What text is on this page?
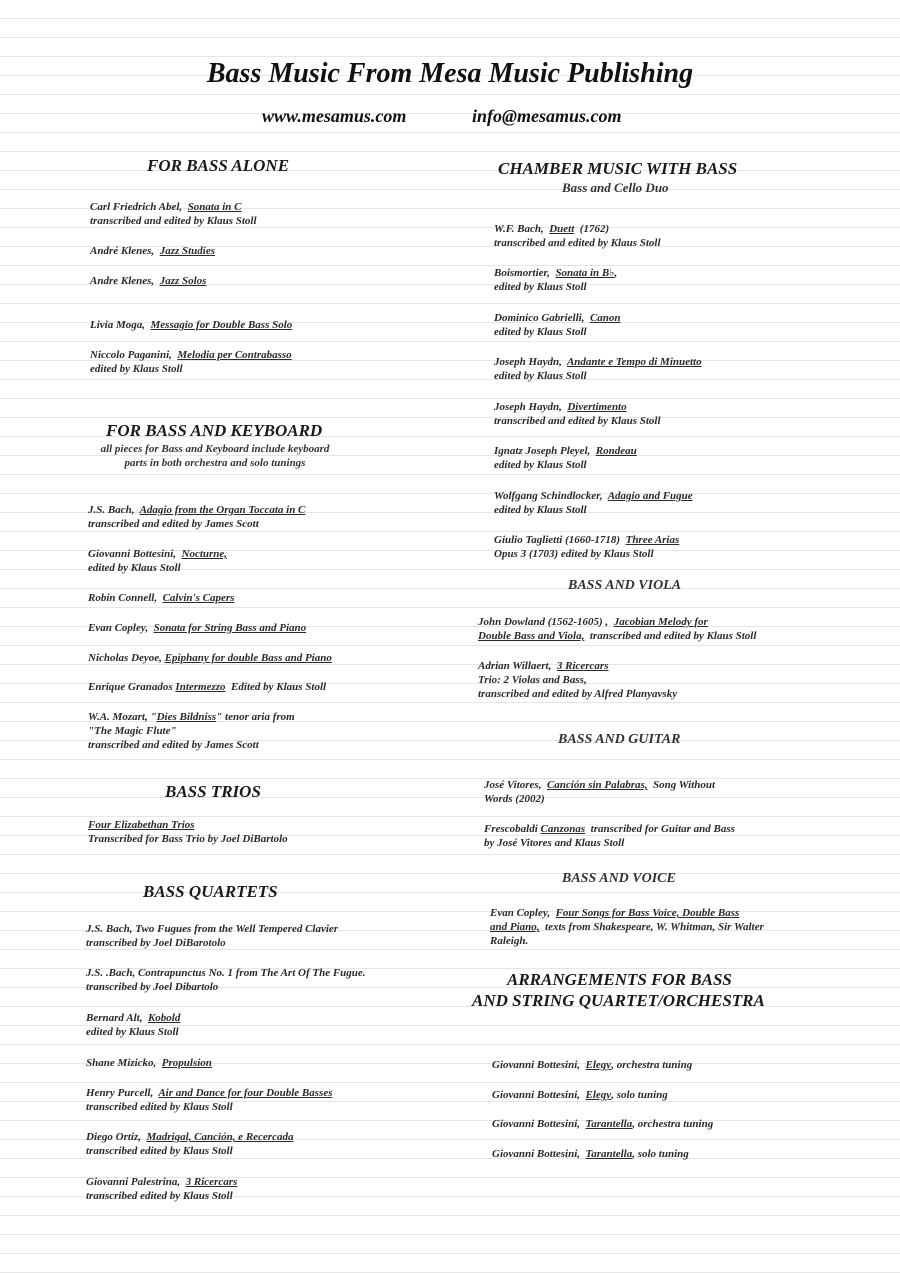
Bass Music From Mesa Music Publishing
www.mesamus.com	info@mesamus.com
FOR BASS ALONE
Carl Friedrich Abel, Sonata in C
transcribed and edited by Klaus Stoll
André Klenes, Jazz Studies
Andre Klenes, Jazz Solos
Livia Moga, Messagio for Double Bass Solo
Niccolo Paganini, Melodia per Contrabasso
edited by Klaus Stoll
FOR BASS AND KEYBOARD
all pieces for Bass and Keyboard include keyboard
parts in both orchestra and solo tunings
J.S. Bach, Adagio from the Organ Toccata in C
transcribed and edited by James Scott
Giovanni Bottesini, Nocturne,
edited by Klaus Stoll
Robin Connell, Calvin's Capers
Evan Copley, Sonata for String Bass and Piano
Nicholas Deyoe, Epiphany for double Bass and Piano
Enrique Granados Intermezzo Edited by Klaus Stoll
W.A. Mozart, "Dies Bildniss" tenor aria from
"The Magic Flute"
transcribed and edited by James Scott
BASS TRIOS
Four Elizabethan Trios
Transcribed for Bass Trio by Joel DiBartolo
BASS QUARTETS
J.S. Bach, Two Fugues from the Well Tempered Clavier
transcribed by Joel DiBarotolo
J.S. .Bach, Contrapunctus No. 1 from The Art Of The Fugue.
transcribed by Joel Dibartolo
Bernard Alt, Kobold
edited by Klaus Stoll
Shane Mizicko, Propulsion
Henry Purcell, Air and Dance for four Double Basses
transcribed edited by Klaus Stoll
Diego Ortiz, Madrigal, Canción, e Recercada
transcribed edited by Klaus Stoll
Giovanni Palestrina, 3 Ricercars
transcribed edited by Klaus Stoll
CHAMBER MUSIC WITH BASS
Bass and Cello Duo
W.F. Bach, Duett (1762)
transcribed and edited by Klaus Stoll
Boismortier, Sonata in B♭,
edited by Klaus Stoll
Dominico Gabrielli, Canon
edited by Klaus Stoll
Joseph Haydn, Andante e Tempo di Minuetto
edited by Klaus Stoll
Joseph Haydn, Divertimento
transcribed and edited by Klaus Stoll
Ignatz Joseph Pleyel, Rondeau
edited by Klaus Stoll
Wolfgang Schindlocker, Adagio and Fugue
edited by Klaus Stoll
Giulio Taglietti (1660-1718)  Three Arias
Opus 3 (1703) edited by Klaus Stoll
BASS AND VIOLA
John Dowland (1562-1605) , Jacobian Melody for
Double Bass and Viola, transcribed and edited by Klaus Stoll
Adrian Willaert, 3 Ricercars
Trio: 2 Violas and Bass,
transcribed and edited by Alfred Planyavsky
BASS AND GUITAR
José Vitores, Canción sin Palabras, Song Without
Words (2002)
Frescobaldi Canzonas transcribed for Guitar and Bass
by José Vitores and Klaus Stoll
BASS AND VOICE
Evan Copley, Four Songs for Bass Voice, Double Bass
and Piano, texts from Shakespeare, W. Whitman, Sir Walter
Raleigh.
ARRANGEMENTS FOR BASS
AND STRING QUARTET/ORCHESTRA
Giovanni Bottesini, Elegy, orchestra tuning
Giovanni Bottesini, Elegy, solo tuning
Giovanni Bottesini, Tarantella, orchestra tuning
Giovanni Bottesini, Tarantella, solo tuning
